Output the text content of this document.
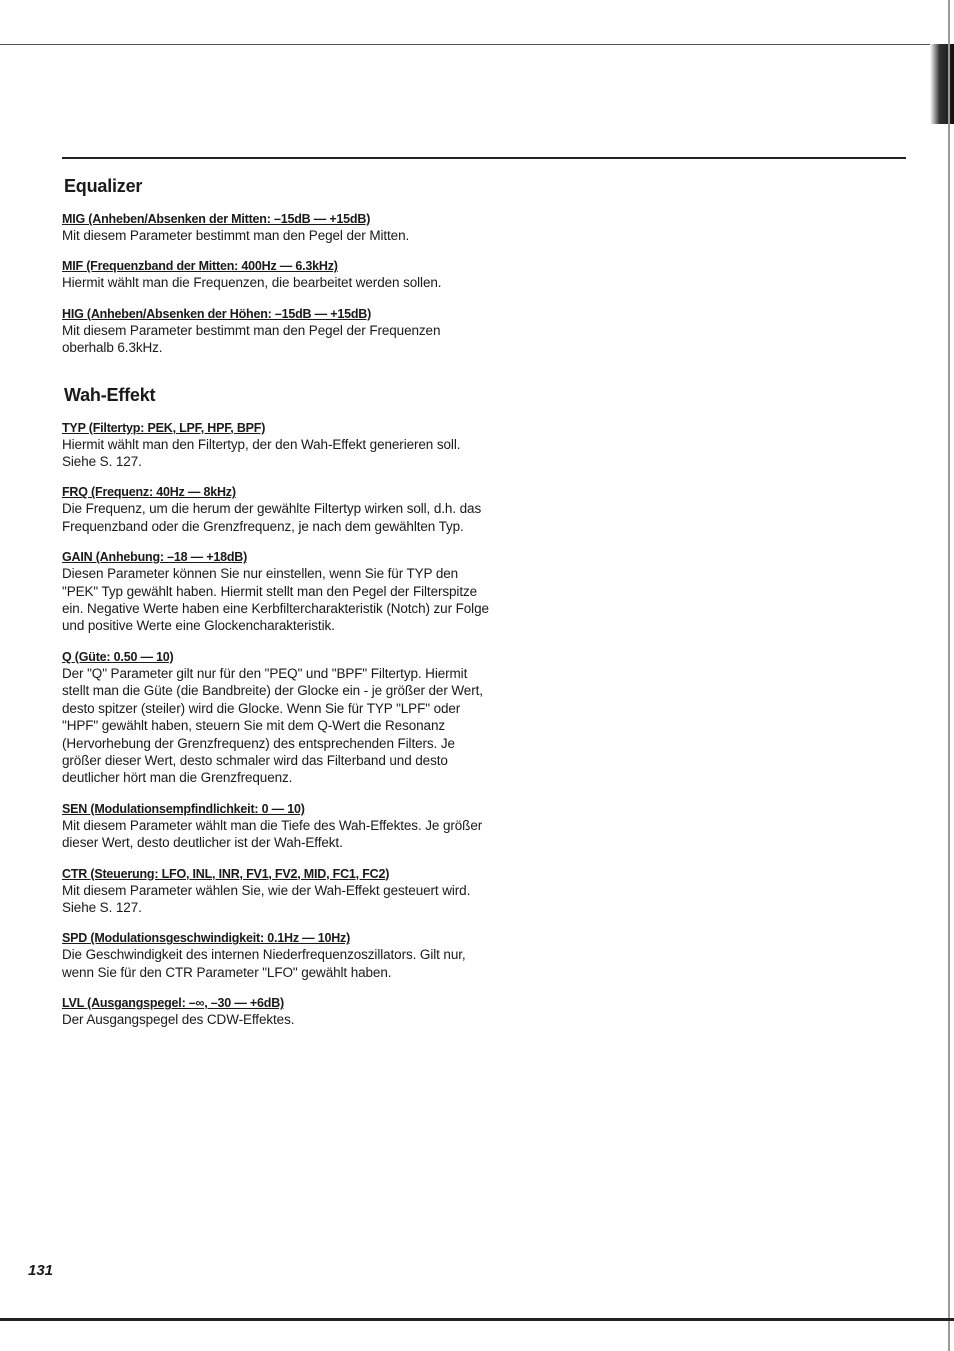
Equalizer
MIG (Anheben/Absenken der Mitten: –15dB — +15dB)
Mit diesem Parameter bestimmt man den Pegel der Mitten.
MIF (Frequenzband der Mitten: 400Hz — 6.3kHz)
Hiermit wählt man die Frequenzen, die bearbeitet werden sollen.
HIG (Anheben/Absenken der Höhen: –15dB — +15dB)
Mit diesem Parameter bestimmt man den Pegel der Frequenzen oberhalb 6.3kHz.
Wah-Effekt
TYP (Filtertyp: PEK, LPF, HPF, BPF)
Hiermit wählt man den Filtertyp, der den Wah-Effekt generieren soll. Siehe S. 127.
FRQ (Frequenz: 40Hz — 8kHz)
Die Frequenz, um die herum der gewählte Filtertyp wirken soll, d.h. das Frequenzband oder die Grenzfrequenz, je nach dem gewählten Typ.
GAIN (Anhebung: –18 — +18dB)
Diesen Parameter können Sie nur einstellen, wenn Sie für TYP den "PEK" Typ gewählt haben. Hiermit stellt man den Pegel der Filterspitze ein. Negative Werte haben eine Kerbfiltercharakteristik (Notch) zur Folge und positive Werte eine Glockencharakteristik.
Q (Güte: 0.50 — 10)
Der "Q" Parameter gilt nur für den "PEQ" und "BPF" Filtertyp. Hiermit stellt man die Güte (die Bandbreite) der Glocke ein - je größer der Wert, desto spitzer (steiler) wird die Glocke. Wenn Sie für TYP "LPF" oder "HPF" gewählt haben, steuern Sie mit dem Q-Wert die Resonanz (Hervorhebung der Grenzfrequenz) des entsprechenden Filters. Je größer dieser Wert, desto schmaler wird das Filterband und desto deutlicher hört man die Grenzfrequenz.
SEN (Modulationsempfindlichkeit: 0 — 10)
Mit diesem Parameter wählt man die Tiefe des Wah-Effektes. Je größer dieser Wert, desto deutlicher ist der Wah-Effekt.
CTR (Steuerung: LFO, INL, INR, FV1, FV2, MID, FC1, FC2)
Mit diesem Parameter wählen Sie, wie der Wah-Effekt gesteuert wird. Siehe S. 127.
SPD (Modulationsgeschwindigkeit: 0.1Hz — 10Hz)
Die Geschwindigkeit des internen Niederfrequenzoszillators. Gilt nur, wenn Sie für den CTR Parameter "LFO" gewählt haben.
LVL (Ausgangspegel: –∞, –30 — +6dB)
Der Ausgangspegel des CDW-Effektes.
131
